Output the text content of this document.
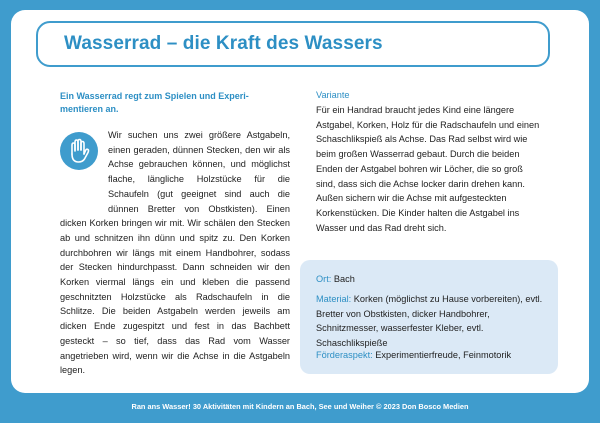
Wasserrad – die Kraft des Wassers
Ein Wasserrad regt zum Spielen und Experi- mentieren an.
Wir suchen uns zwei größere Astgabeln, einen geraden, dünnen Stecken, den wir als Achse gebrauchen können, und möglichst flache, längliche Holzstücke für die Schaufeln (gut geeignet sind auch die dünnen Bretter von Obstkisten). Einen dicken Korken bringen wir mit. Wir schälen den Stecken ab und schnitzen ihn dünn und spitz zu. Den Korken durchbohren wir längs mit einem Handbohrer, sodass der Stecken hindurchpasst. Dann schneiden wir den Korken viermal längs ein und kleben die passend geschnitzten Holzstücke als Radschaufeln in die Schlitze. Die beiden Astgabeln werden jeweils am dicken Ende zugespitzt und fest in das Bachbett gesteckt – so tief, dass das Rad vom Wasser angetrieben wird, wenn wir die Achse in die Astgabeln legen.
Variante
Für ein Handrad braucht jedes Kind eine längere Astgabel, Korken, Holz für die Radschaufeln und einen Schaschlikspieß als Achse. Das Rad selbst wird wie beim großen Wasserrad gebaut. Durch die beiden Enden der Astgabel bohren wir Löcher, die so groß sind, dass sich die Achse locker darin drehen kann. Außen sichern wir die Achse mit aufgesteckten Korkenstücken. Die Kinder halten die Astgabel ins Wasser und das Rad dreht sich.
Ort: Bach
Material: Korken (möglichst zu Hause vorbereiten), evtl. Bretter von Obstkisten, dicker Handbohrer, Schnitzmesser, wasserfester Kleber, evtl. Schaschlikspieße
Förderaspekt: Experimentierfreude, Feinmotorik
Ran ans Wasser! 30 Aktivitäten mit Kindern an Bach, See und Weiher © 2023 Don Bosco Medien
